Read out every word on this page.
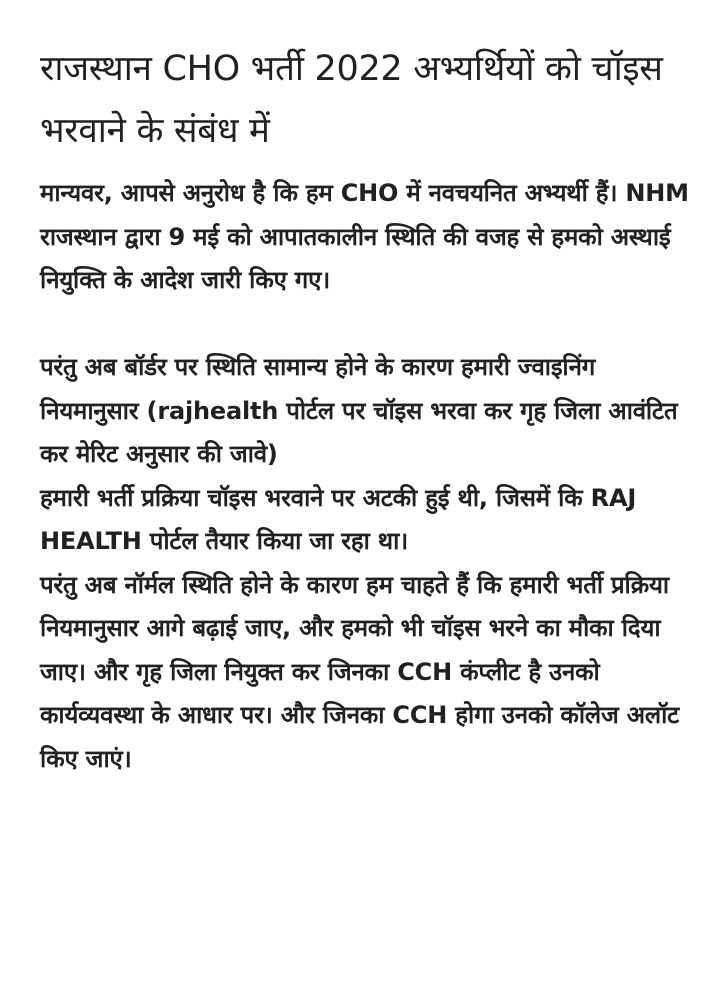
राजस्थान CHO भर्ती 2022 अभ्यर्थियों को चॉइस भरवाने के संबंध में

मान्यवर, आपसे अनुरोध है कि हम CHO में नवचयनित अभ्यर्थी हैं। NHM राजस्थान द्वारा 9 मई को आपातकालीन स्थिति की वजह से हमको अस्थाई नियुक्ति के आदेश जारी किए गए।

परंतु अब बॉर्डर पर स्थिति सामान्य होने के कारण हमारी ज्वाइनिंग नियमानुसार (rajhealth पोर्टल पर चॉइस भरवा कर गृह जिला आवंटित कर मेरिट अनुसार की जावे)

हमारी भर्ती प्रक्रिया चॉइस भरवाने पर अटकी हुई थी, जिसमें कि RAJ HEALTH पोर्टल तैयार किया जा रहा था।

परंतु अब नॉर्मल स्थिति होने के कारण हम चाहते हैं कि हमारी भर्ती प्रक्रिया नियमानुसार आगे बढ़ाई जाए, और हमको भी चॉइस भरने का मौका दिया जाए। और गृह जिला नियुक्त कर जिनका CCH कंप्लीट है उनको कार्यव्यवस्था के आधार पर। और जिनका CCH होगा उनको कॉलेज अलॉट किए जाएं।
